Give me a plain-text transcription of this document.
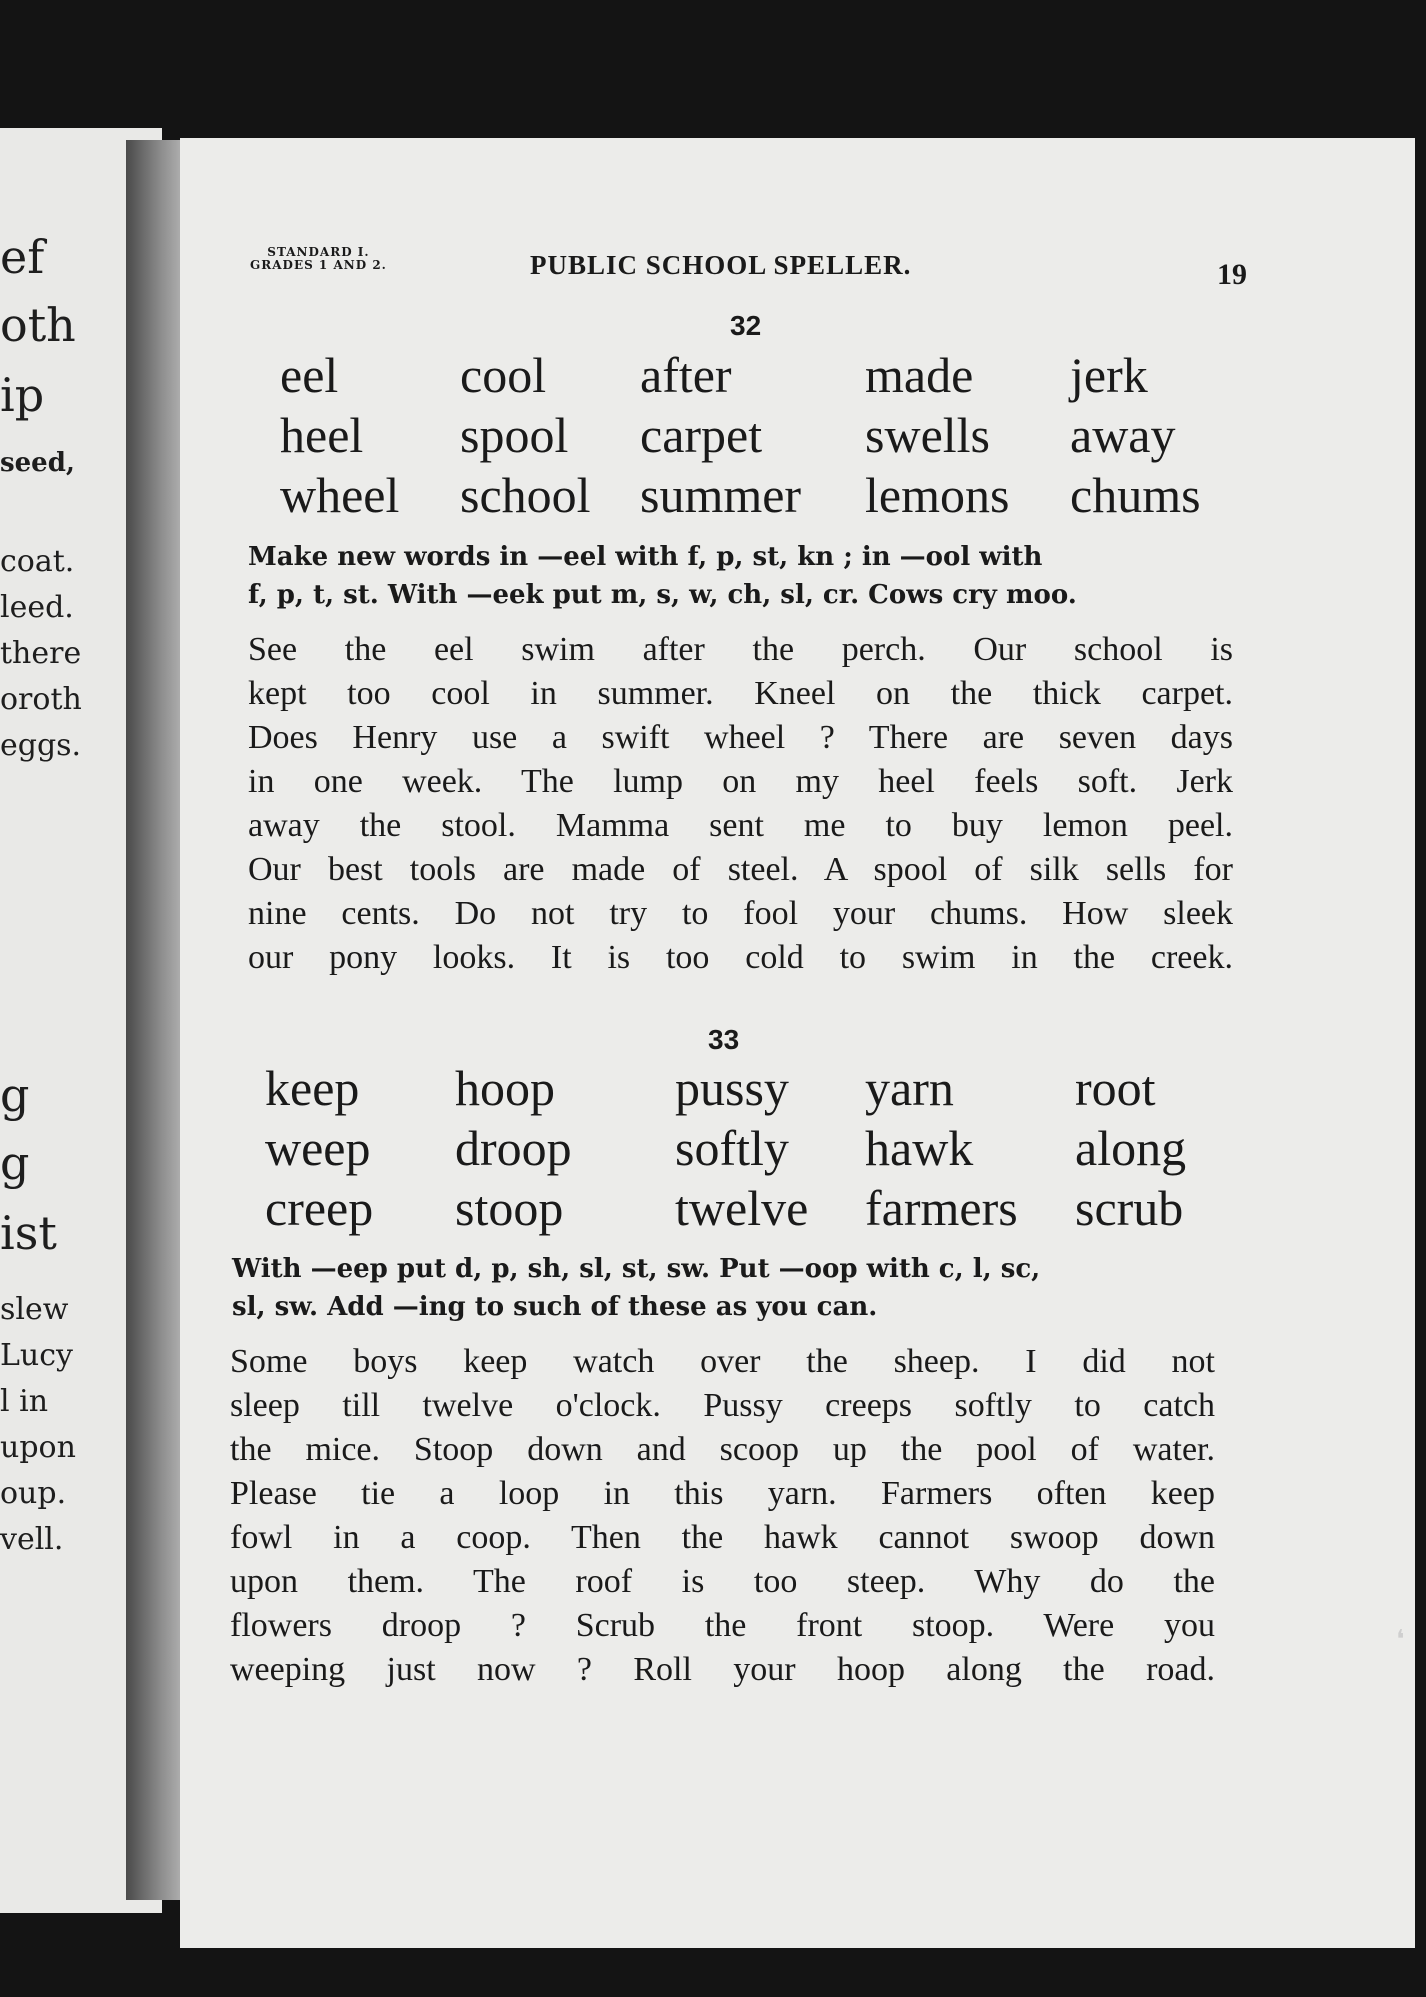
ef
oth
ip
seed,
coat.
leed.
there
oroth
eggs.
g
g
ist
slew
Lucy
l in
upon
oup.
vell.
STANDARD I.
GRADES 1 AND 2.	PUBLIC SCHOOL SPELLER.	19
32
eel
heel
wheel
cool
spool
school
after
carpet
summer
made
swells
lemons
jerk
away
chums
Make new words in —eel with f, p, st, kn ; in —ool with
f, p, t, st. With —eek put m, s, w, ch, sl, cr. Cows cry moo.
See the eel swim after the perch. Our school is
kept too cool in summer. Kneel on the thick carpet.
Does Henry use a swift wheel ? There are seven days
in one week. The lump on my heel feels soft. Jerk
away the stool. Mamma sent me to buy lemon peel.
Our best tools are made of steel. A spool of silk sells for
nine cents. Do not try to fool your chums. How sleek
our pony looks. It is too cold to swim in the creek.
33
keep
weep
creep
hoop
droop
stoop
pussy
softly
twelve
yarn
hawk
farmers
root
along
scrub
With —eep put d, p, sh, sl, st, sw. Put —oop with c, l, sc,
sl, sw. Add —ing to such of these as you can.
Some boys keep watch over the sheep. I did not
sleep till twelve o'clock. Pussy creeps softly to catch
the mice. Stoop down and scoop up the pool of water.
Please tie a loop in this yarn. Farmers often keep
fowl in a coop. Then the hawk cannot swoop down
upon them. The roof is too steep. Why do the
flowers droop ? Scrub the front stoop. Were you
weeping just now ? Roll your hoop along the road.
❛
